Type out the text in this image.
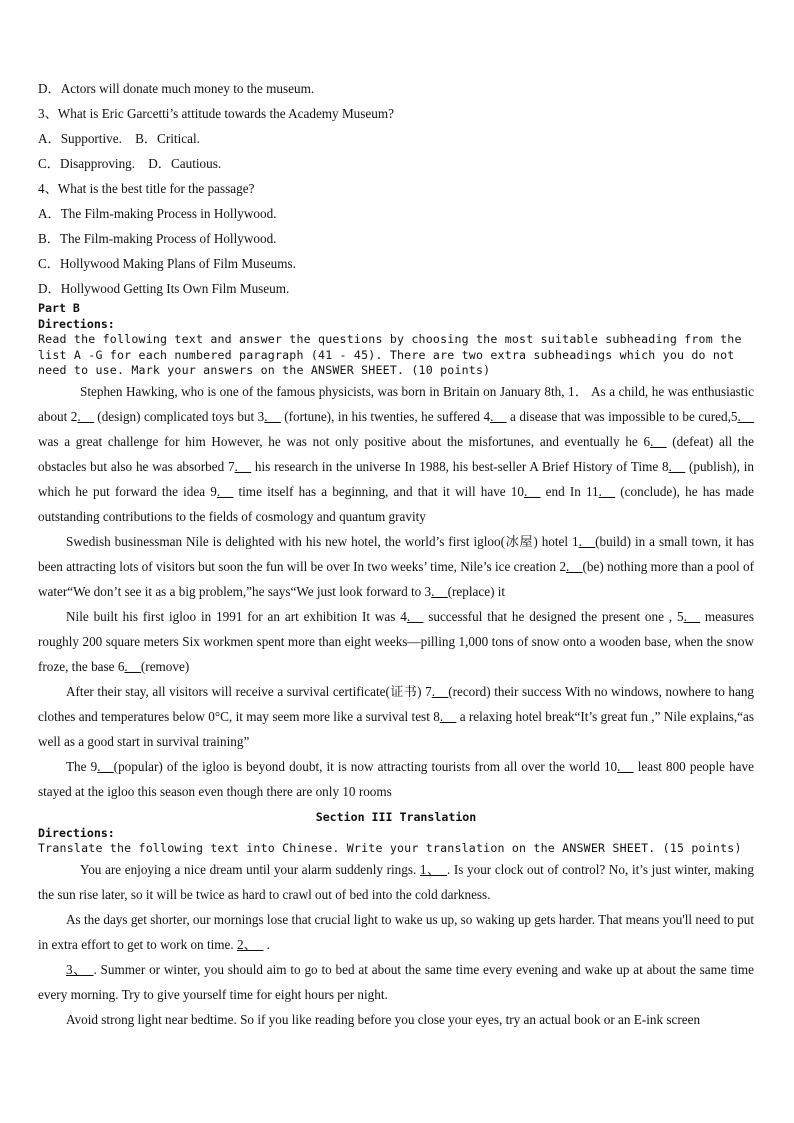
D．Actors will donate much money to the museum.
3、What is Eric Garcetti’s attitude towards the Academy Museum?
A．Supportive.　B．Critical.
C．Disapproving.　D．Cautious.
4、What is the best title for the passage?
A．The Film-making Process in Hollywood.
B．The Film-making Process of Hollywood.
C．Hollywood Making Plans of Film Museums.
D．Hollywood Getting Its Own Film Museum.
Part B
Directions:
Read the following text and answer the questions by choosing the most suitable subheading from the list A -G for each numbered paragraph (41 - 45). There are two extra subheadings which you do not need to use. Mark your answers on the ANSWER SHEET. (10 points)
Stephen Hawking, who is one of the famous physicists, was born in Britain on January 8th, 1． As a child, he was enthusiastic about 2.__ (design) complicated toys but 3.__ (fortune), in his twenties, he suffered 4.__ a disease that was impossible to be cured,5.__ was a great challenge for him However, he was not only positive about the misfortunes, and eventually he 6.__ (defeat) all the obstacles but also he was absorbed 7.__ his research in the universe In 1988, his best-seller A Brief History of Time 8.__ (publish), in which he put forward the idea 9.__ time itself has a beginning, and that it will have 10.__ end In 11.__ (conclude), he has made outstanding contributions to the fields of cosmology and quantum gravity
Swedish businessman Nile is delighted with his new hotel, the world’s first igloo(冰屋) hotel 1.__(build) in a small town, it has been attracting lots of visitors but soon the fun will be over In two weeks’ time, Nile’s ice creation 2.__(be) nothing more than a pool of water“We don’t see it as a big problem,”he says“We just look forward to 3.__(replace) it
Nile built his first igloo in 1991 for an art exhibition It was 4.__ successful that he designed the present one , 5.__ measures roughly 200 square meters Six workmen spent more than eight weeks—pilling 1,000 tons of snow onto a wooden base, when the snow froze, the base 6.__(remove)
After their stay, all visitors will receive a survival certificate(证书) 7.__(record) their success With no windows, nowhere to hang clothes and temperatures below 0°C, it may seem more like a survival test 8.__ a relaxing hotel break“It’s great fun ,” Nile explains,“as well as a good start in survival training”
The 9.__(popular) of the igloo is beyond doubt, it is now attracting tourists from all over the world 10.__ least 800 people have stayed at the igloo this season even though there are only 10 rooms
Section III Translation
Directions:
Translate the following text into Chinese. Write your translation on the ANSWER SHEET. (15 points)
You are enjoying a nice dream until your alarm suddenly rings. 1、_. Is your clock out of control? No, it’s just winter, making the sun rise later, so it will be twice as hard to crawl out of bed into the cold darkness.
As the days get shorter, our mornings lose that crucial light to wake us up, so waking up gets harder. That means you'll need to put in extra effort to get to work on time. 2、_ .
3、_. Summer or winter, you should aim to go to bed at about the same time every evening and wake up at about the same time every morning. Try to give yourself time for eight hours per night.
Avoid strong light near bedtime. So if you like reading before you close your eyes, try an actual book or an E-ink screen
